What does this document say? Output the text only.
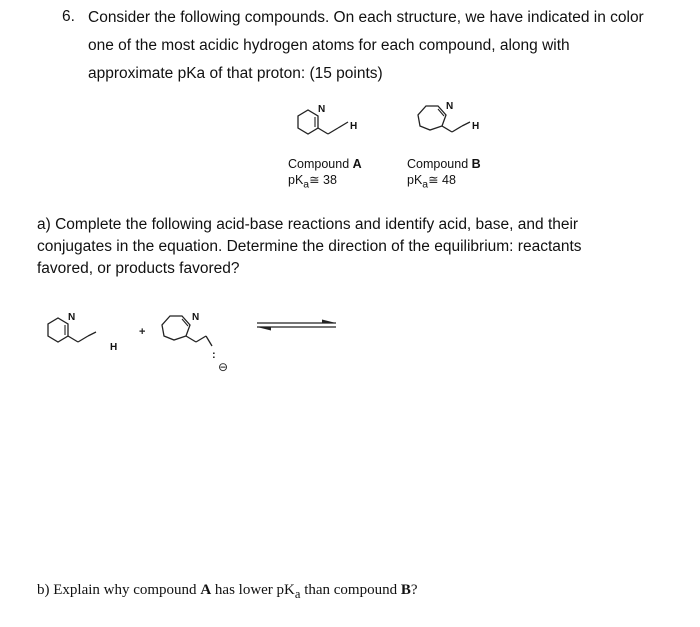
6. Consider the following compounds. On each structure, we have indicated in color
one of the most acidic hydrogen atoms for each compound, along with
approximate pKa of that proton: (15 points)
N
H
N
H
Compound A
$pK_a≅$ 38
Compound B
$pK_a≅$ 48
a) Complete the following acid-base reactions and identify acid, base, and their
conjugates in the equation. Determine the direction of the equilibrium: reactants
favored, or products favored?
N
H
+
N
:
⊖
b) Explain why compound A has lower $pK_a$ than compound B?
